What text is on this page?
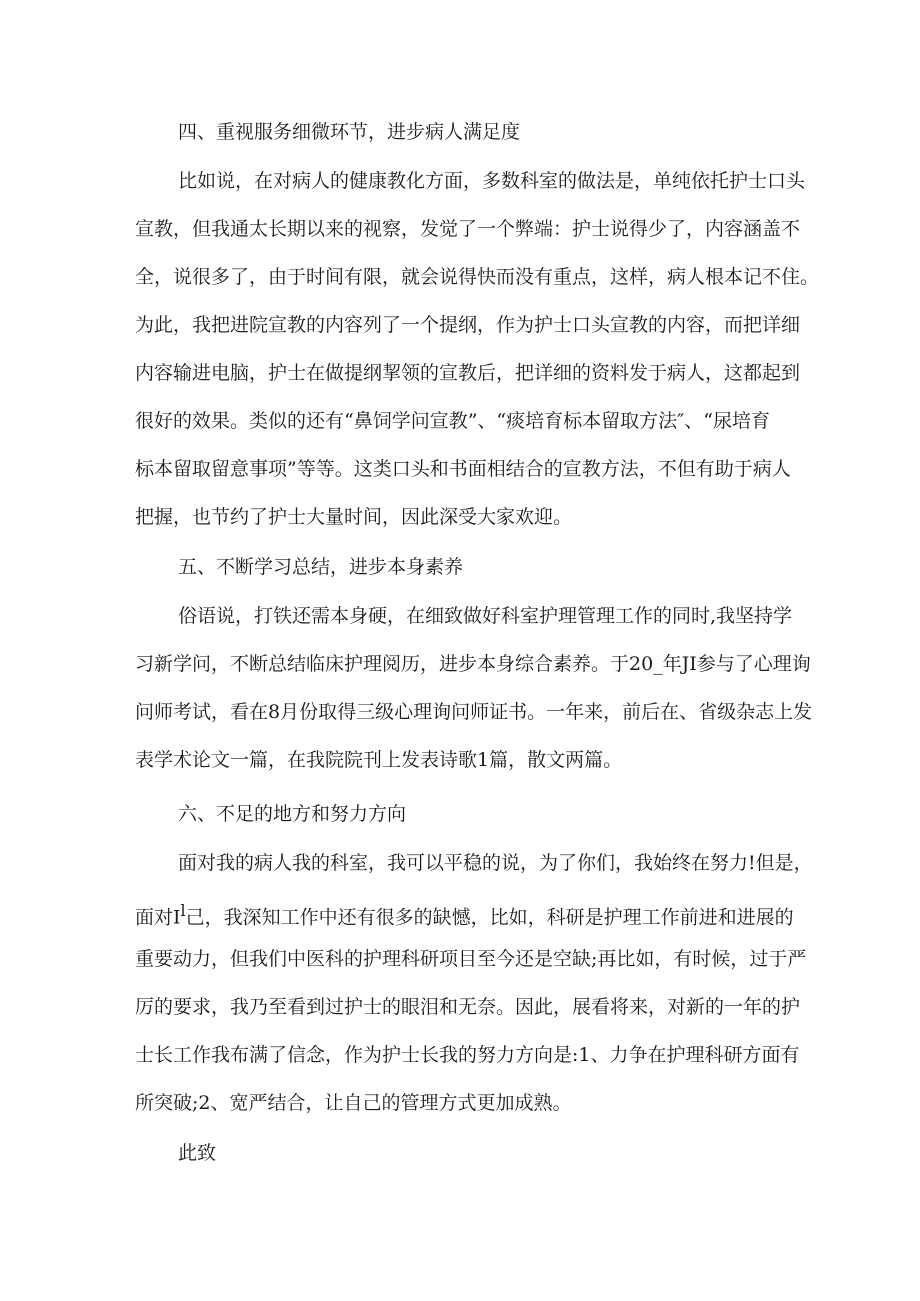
四、重视服务细微环节，进步病人满足度
比如说，在对病人的健康教化方面，多数科室的做法是，单纯依托护士口头
宣教，但我通太长期以来的视察，发觉了一个弊端：护士说得少了，内容涵盖不
全，说很多了，由于时间有限，就会说得快而没有重点，这样，病人根本记不住。
为此，我把进院宣教的内容列了一个提纲，作为护士口头宣教的内容，而把详细
内容输进电脑，护士在做提纲挈领的宣教后，把详细的资料发于病人，这都起到
很好的效果。类似的还有“鼻饲学问宣教”、“痰培育标本留取方法″、“尿培育
标本留取留意事项”等等。这类口头和书面相结合的宣教方法，不但有助于病人
把握，也节约了护士大量时间，因此深受大家欢迎。
五、不断学习总结，进步本身素养
俗语说，打铁还需本身硬，在细致做好科室护理管理工作的同时,我坚持学
习新学问，不断总结临床护理阅历，进步本身综合素养。于20_年JI参与了心理询
问师考试，看在8月份取得三级心理询问师证书。一年来，前后在、省级杂志上发
表学术论文一篇，在我院院刊上发表诗歌1篇，散文两篇。
六、不足的地方和努力方向
面对我的病人我的科室，我可以平稳的说，为了你们，我始终在努力!但是，
面对$I^l$己，我深知工作中还有很多的缺憾，比如，科研是护理工作前进和进展的
重要动力，但我们中医科的护理科研项目至今还是空缺;再比如，有时候，过于严
厉的要求，我乃至看到过护士的眼泪和无奈。因此，展看将来，对新的一年的护
士长工作我布满了信念，作为护士长我的努力方向是:1、力争在护理科研方面有
所突破;2、宽严结合，让自己的管理方式更加成熟。
此致
